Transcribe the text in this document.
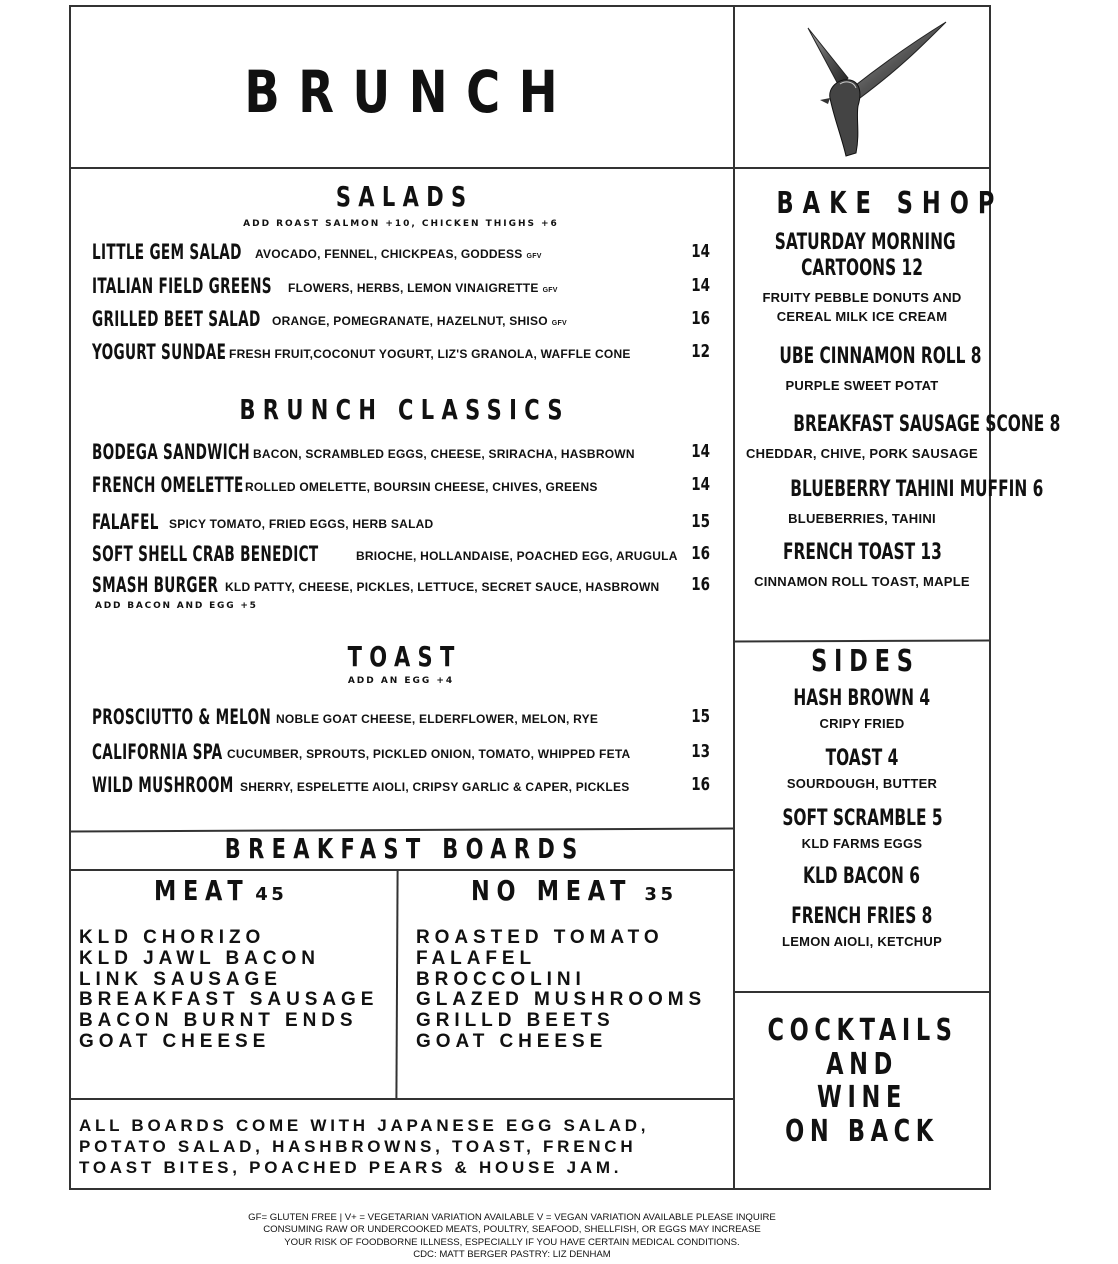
BRUNCH
SALADS
ADD ROAST SALMON +10, CHICKEN THIGHS +6
LITTLE GEM SALAD AVOCADO, FENNEL, CHICKPEAS, GODDESS GFV	14
ITALIAN FIELD GREENS FLOWERS, HERBS, LEMON VINAIGRETTE GFV	14
GRILLED BEET SALAD ORANGE, POMEGRANATE, HAZELNUT, SHISO GFV	16
YOGURT SUNDAE FRESH FRUIT,COCONUT YOGURT, LIZ'S GRANOLA, WAFFLE CONE	12
BRUNCH CLASSICS
BODEGA SANDWICH BACON, SCRAMBLED EGGS, CHEESE, SRIRACHA, HASBROWN	14
FRENCH OMELETTE ROLLED OMELETTE, BOURSIN CHEESE, CHIVES, GREENS	14
FALAFEL SPICY TOMATO, FRIED EGGS, HERB SALAD	15
SOFT SHELL CRAB BENEDICT	BRIOCHE, HOLLANDAISE, POACHED EGG, ARUGULA 16
SMASH BURGER KLD PATTY, CHEESE, PICKLES, LETTUCE, SECRET SAUCE, HASBROWN 16
ADD BACON AND EGG +5
TOAST
ADD AN EGG +4
PROSCIUTTO & MELON NOBLE GOAT CHEESE, ELDERFLOWER, MELON, RYE	15
CALIFORNIA SPA CUCUMBER, SPROUTS, PICKLED ONION, TOMATO, WHIPPED FETA	13
WILD MUSHROOM SHERRY, ESPELETTE AIOLI, CRIPSY GARLIC & CAPER, PICKLES	16
BREAKFAST BOARDS
MEAT 45	NO MEAT 35
KLD CHORIZO
KLD JAWL BACON
LINK SAUSAGE
BREAKFAST SAUSAGE
BACON BURNT ENDS
GOAT CHEESE
ROASTED TOMATO
FALAFEL
BROCCOLINI
GLAZED MUSHROOMS
GRILLD BEETS
GOAT CHEESE
ALL BOARDS COME WITH JAPANESE EGG SALAD,
POTATO SALAD, HASHBROWNS, TOAST, FRENCH
TOAST BITES, POACHED PEARS & HOUSE JAM.
BAKE SHOP
SATURDAY MORNING
CARTOONS 12
FRUITY PEBBLE DONUTS AND
CEREAL MILK ICE CREAM
UBE CINNAMON ROLL 8
PURPLE SWEET POTAT
BREAKFAST SAUSAGE SCONE 8
CHEDDAR, CHIVE, PORK SAUSAGE
BLUEBERRY TAHINI MUFFIN 6
BLUEBERRIES, TAHINI
FRENCH TOAST 13
CINNAMON ROLL TOAST, MAPLE
SIDES
HASH BROWN 4
CRIPY FRIED
TOAST 4
SOURDOUGH, BUTTER
SOFT SCRAMBLE 5
KLD FARMS EGGS
KLD BACON 6
FRENCH FRIES 8
LEMON AIOLI, KETCHUP
COCKTAILS
AND
WINE
ON BACK
GF= GLUTEN FREE | V+ = VEGETARIAN VARIATION AVAILABLE V = VEGAN VARIATION AVAILABLE PLEASE INQUIRE
CONSUMING RAW OR UNDERCOOKED MEATS, POULTRY, SEAFOOD, SHELLFISH, OR EGGS MAY INCREASE
YOUR RISK OF FOODBORNE ILLNESS, ESPECIALLY IF YOU HAVE CERTAIN MEDICAL CONDITIONS.
CDC: MATT BERGER PASTRY: LIZ DENHAM
